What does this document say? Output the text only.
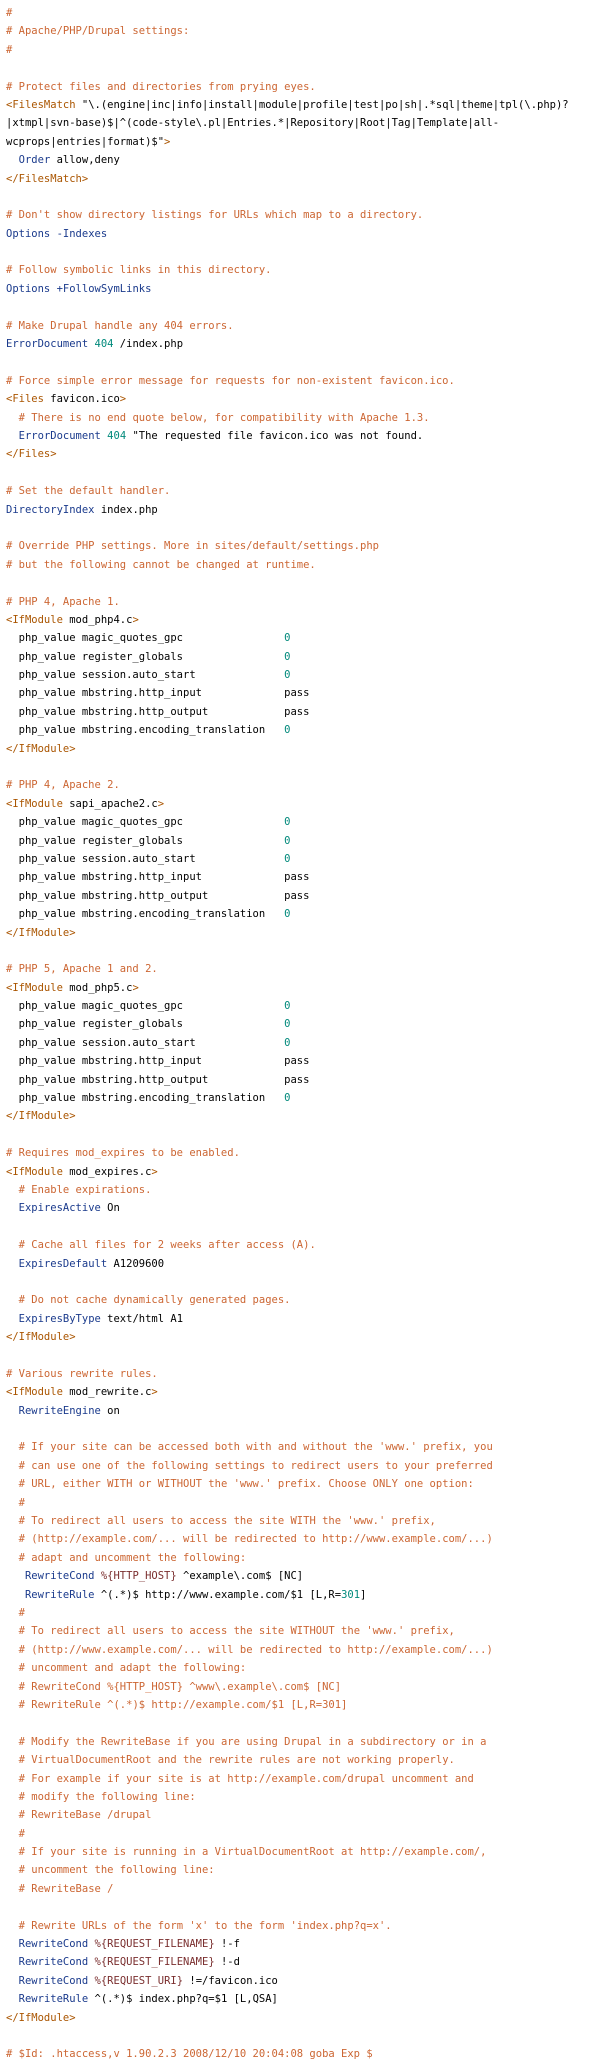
#
# Apache/PHP/Drupal settings:
#

# Protect files and directories from prying eyes.
<FilesMatch "\.(engine|inc|info|install|module|profile|test|po|sh|.*sql|theme|tpl(\.php)?
|xtmpl|svn-base)$|^(code-style\.pl|Entries.*|Repository|Root|Tag|Template|all-
wcprops|entries|format)$">
Order allow,deny
</FilesMatch>

# Don't show directory listings for URLs which map to a directory.
Options -Indexes

# Follow symbolic links in this directory.
Options +FollowSymLinks

# Make Drupal handle any 404 errors.
ErrorDocument 404 /index.php

# Force simple error message for requests for non-existent favicon.ico.
<Files favicon.ico>
# There is no end quote below, for compatibility with Apache 1.3.
ErrorDocument 404 "The requested file favicon.ico was not found.
</Files>

# Set the default handler.
DirectoryIndex index.php

# Override PHP settings. More in sites/default/settings.php
# but the following cannot be changed at runtime.

# PHP 4, Apache 1.
<IfModule mod_php4.c>
php_value magic_quotes_gpc                0
php_value register_globals                0
php_value session.auto_start              0
php_value mbstring.http_input             pass
php_value mbstring.http_output            pass
php_value mbstring.encoding_translation   0
</IfModule>

# PHP 4, Apache 2.
<IfModule sapi_apache2.c>
php_value magic_quotes_gpc                0
php_value register_globals                0
php_value session.auto_start              0
php_value mbstring.http_input             pass
php_value mbstring.http_output            pass
php_value mbstring.encoding_translation   0
</IfModule>

# PHP 5, Apache 1 and 2.
<IfModule mod_php5.c>
php_value magic_quotes_gpc                0
php_value register_globals                0
php_value session.auto_start              0
php_value mbstring.http_input             pass
php_value mbstring.http_output            pass
php_value mbstring.encoding_translation   0
</IfModule>

# Requires mod_expires to be enabled.
<IfModule mod_expires.c>
# Enable expirations.
ExpiresActive On

# Cache all files for 2 weeks after access (A).
ExpiresDefault A1209600

# Do not cache dynamically generated pages.
ExpiresByType text/html A1
</IfModule>

# Various rewrite rules.
<IfModule mod_rewrite.c>
RewriteEngine on

# If your site can be accessed both with and without the 'www.' prefix, you
# can use one of the following settings to redirect users to your preferred
# URL, either WITH or WITHOUT the 'www.' prefix. Choose ONLY one option:
#
# To redirect all users to access the site WITH the 'www.' prefix,
# (http://example.com/... will be redirected to http://www.example.com/...)
# adapt and uncomment the following:
RewriteCond %{HTTP_HOST} ^example\.com$ [NC]
RewriteRule ^(.*)$ http://www.example.com/$1 [L,R=301]
#
# To redirect all users to access the site WITHOUT the 'www.' prefix,
# (http://www.example.com/... will be redirected to http://example.com/...)
# uncomment and adapt the following:
# RewriteCond %{HTTP_HOST} ^www\.example\.com$ [NC]
# RewriteRule ^(.*)$ http://example.com/$1 [L,R=301]

# Modify the RewriteBase if you are using Drupal in a subdirectory or in a
# VirtualDocumentRoot and the rewrite rules are not working properly.
# For example if your site is at http://example.com/drupal uncomment and
# modify the following line:
# RewriteBase /drupal
#
# If your site is running in a VirtualDocumentRoot at http://example.com/,
# uncomment the following line:
# RewriteBase /

# Rewrite URLs of the form 'x' to the form 'index.php?q=x'.
RewriteCond %{REQUEST_FILENAME} !-f
RewriteCond %{REQUEST_FILENAME} !-d
RewriteCond %{REQUEST_URI} !=/favicon.ico
RewriteRule ^(.*)$ index.php?q=$1 [L,QSA]
</IfModule>

# $Id: .htaccess,v 1.90.2.3 2008/12/10 20:04:08 goba Exp $
